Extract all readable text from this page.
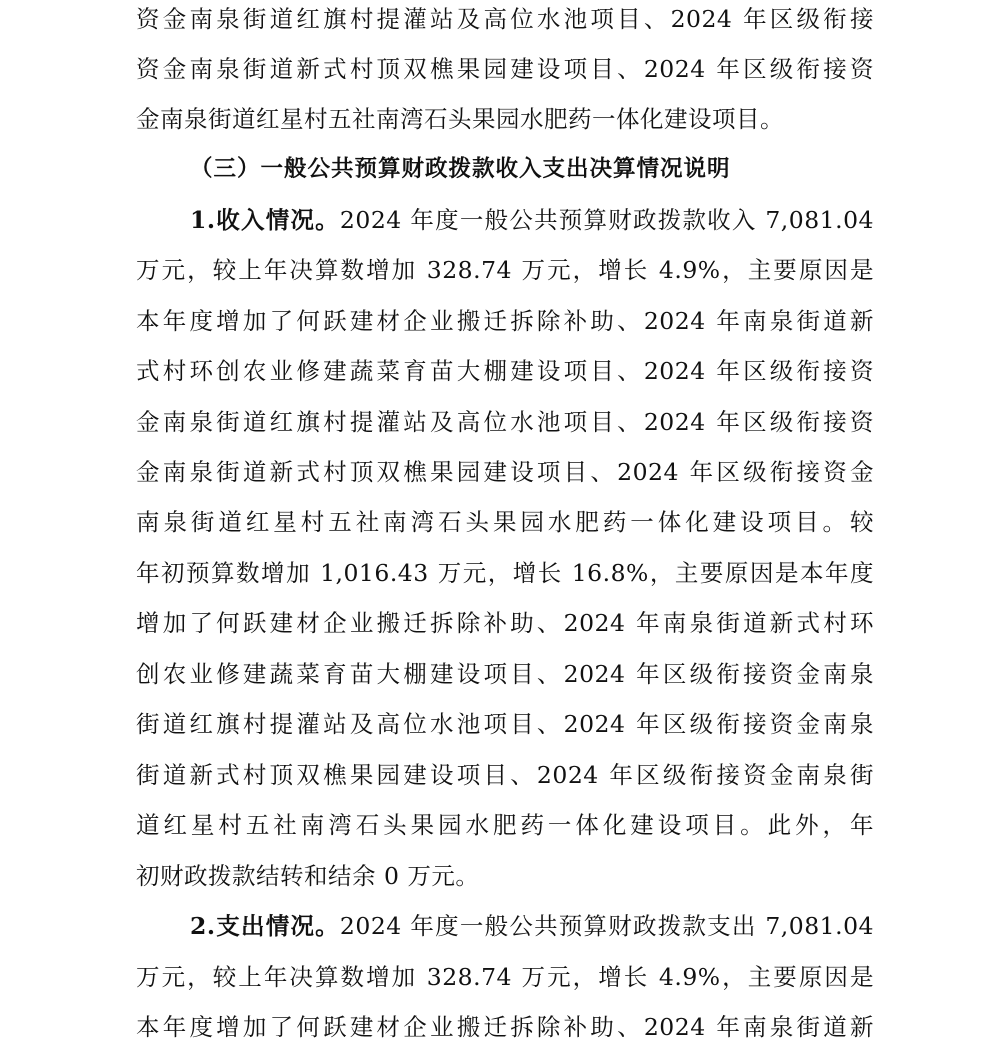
资金南泉街道红旗村提灌站及高位水池项目、2024 年区级衔接
资金南泉街道新式村顶双樵果园建设项目、2024 年区级衔接资
金南泉街道红星村五社南湾石头果园水肥药一体化建设项目。
（三）一般公共预算财政拨款收入支出决算情况说明
1.收入情况。2024 年度一般公共预算财政拨款收入 7,081.04
万元，较上年决算数增加 328.74 万元，增长 4.9%，主要原因是
本年度增加了何跃建材企业搬迁拆除补助、2024 年南泉街道新
式村环创农业修建蔬菜育苗大棚建设项目、2024 年区级衔接资
金南泉街道红旗村提灌站及高位水池项目、2024 年区级衔接资
金南泉街道新式村顶双樵果园建设项目、2024 年区级衔接资金
南泉街道红星村五社南湾石头果园水肥药一体化建设项目。较
年初预算数增加 1,016.43 万元，增长 16.8%，主要原因是本年度
增加了何跃建材企业搬迁拆除补助、2024 年南泉街道新式村环
创农业修建蔬菜育苗大棚建设项目、2024 年区级衔接资金南泉
街道红旗村提灌站及高位水池项目、2024 年区级衔接资金南泉
街道新式村顶双樵果园建设项目、2024 年区级衔接资金南泉街
道红星村五社南湾石头果园水肥药一体化建设项目。此外，年
初财政拨款结转和结余 0 万元。
2.支出情况。2024 年度一般公共预算财政拨款支出 7,081.04
万元，较上年决算数增加 328.74 万元，增长 4.9%，主要原因是
本年度增加了何跃建材企业搬迁拆除补助、2024 年南泉街道新
